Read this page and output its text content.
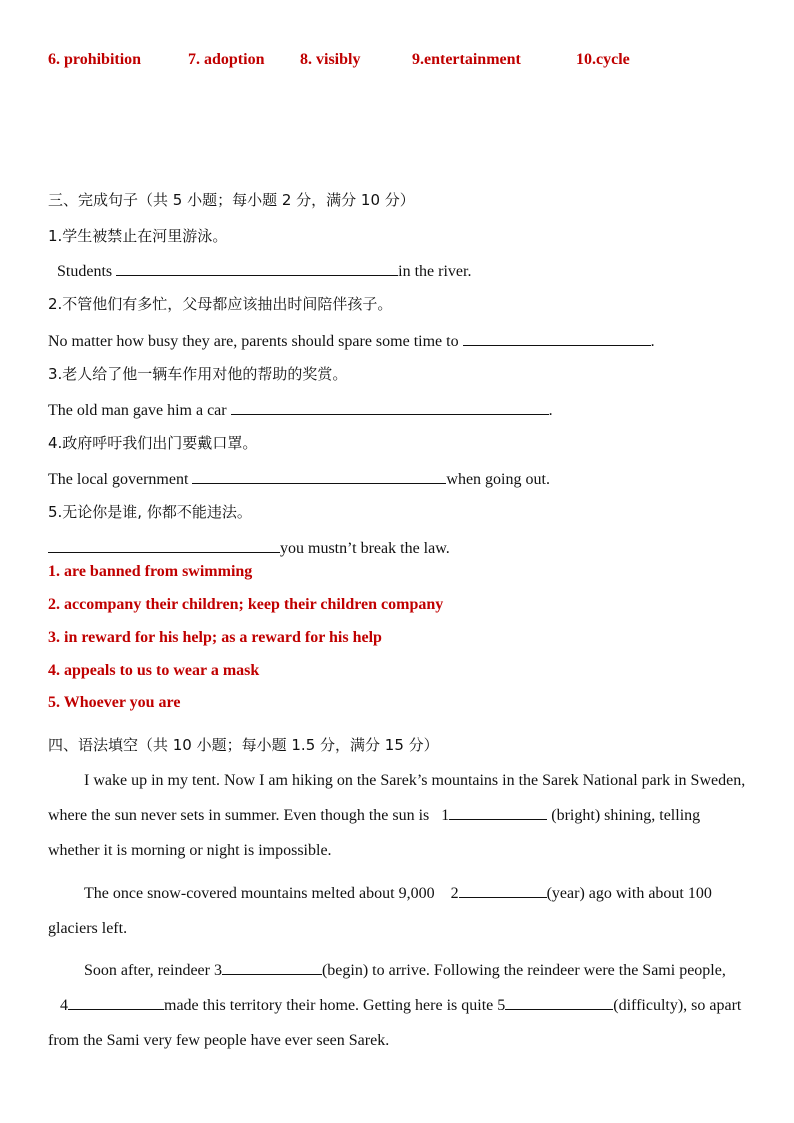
6. prohibition	7. adoption 8. visibly	9.entertainment	10.cycle
三、完成句子（共 5 小题；每小题 2 分，满分 10 分）
1.学生被禁止在河里游泳。
Students	in the river.
2.不管他们有多忙，父母都应该抽出时间陪伴孩子。
No matter how busy they are, parents should spare some time to	.
3.老人给了他一辆车作用对他的帮助的奖赏。
The old man gave him a car	.
4.政府呼吁我们出门要戴口罩。
The local government	when going out.
5.无论你是谁, 你都不能违法。
you mustn’t break the law.
1. are banned from swimming
2. accompany their children; keep their children company
3. in reward for his help; as a reward for his help
4. appeals to us to wear a mask
5. Whoever you are
四、语法填空（共 10 小题；每小题 1.5 分，满分 15 分）
I wake up in my tent. Now I am hiking on the Sarek’s mountains in the Sarek National park in Sweden, where the sun never sets in summer. Even though the sun is 1	(bright) shining, telling whether it is morning or night is impossible.
The once snow-covered mountains melted about 9,000 2	(year) ago with about 100 glaciers left.
Soon after, reindeer 3	(begin) to arrive. Following the reindeer were the Sami people,    4	made this territory their home. Getting here is quite 5	(difficulty), so apart from the Sami very few people have ever seen Sarek.
